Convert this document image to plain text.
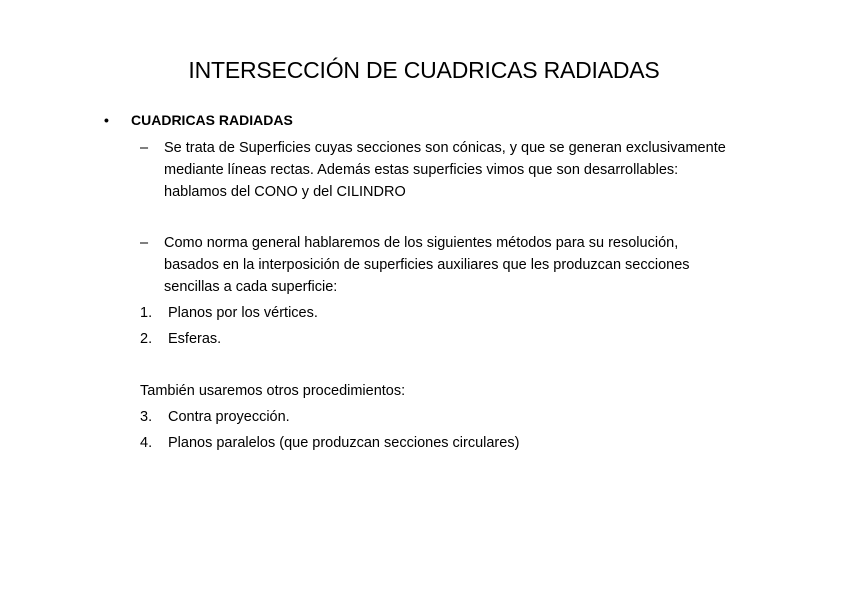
INTERSECCIÓN DE CUADRICAS RADIADAS
• CUADRICAS RADIADAS
– Se trata de Superficies cuyas secciones son cónicas, y que se generan exclusivamente mediante líneas rectas. Además estas superficies vimos que son desarrollables: hablamos del CONO y del CILINDRO
– Como norma general hablaremos de los siguientes métodos para su resolución, basados en la interposición de superficies auxiliares que les produzcan secciones sencillas a cada superficie:
1. Planos por los vértices.
2. Esferas.
También usaremos otros procedimientos:
3. Contra proyección.
4. Planos paralelos (que produzcan secciones circulares)
